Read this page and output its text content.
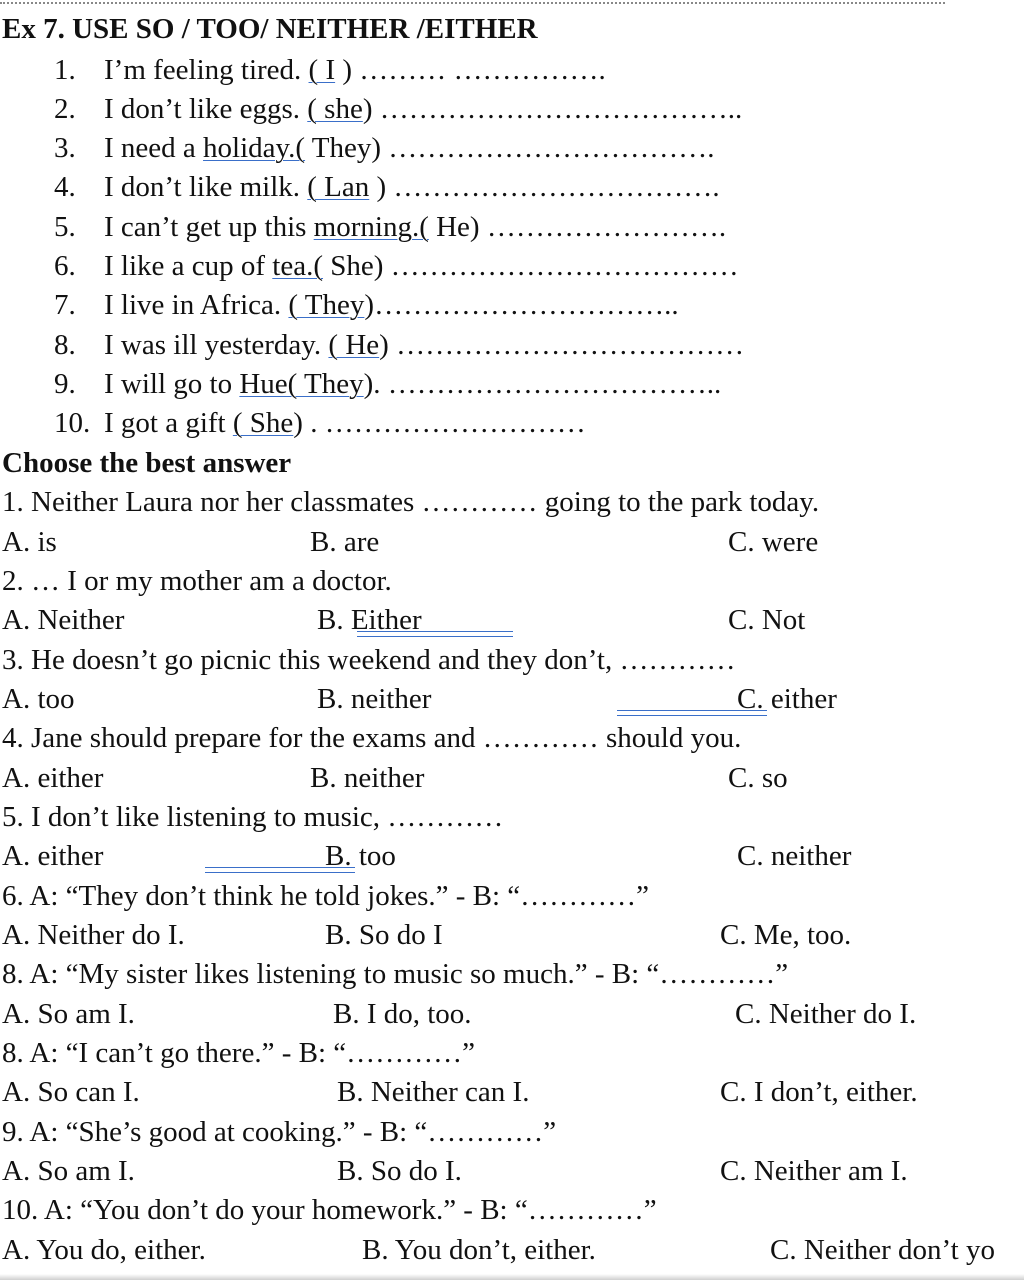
Ex 7. USE SO / TOO/ NEITHER /EITHER
1. I’m feeling tired. ( I ) ……… …………….
2. I don’t like eggs. ( she) ………………………………..
3. I need a holiday.( They) …………………………….
4. I don’t like milk. ( Lan ) …………………………….
5. I can’t get up this morning.( He) …………………….
6. I like a cup of tea.( She) ………………………………
7. I live in Africa. ( They)…………………………..
8. I was ill yesterday. ( He) ………………………………
9. I will go to Hue( They). ……………………………..
10. I got a gift ( She) . ………………………
Choose the best answer
1. Neither Laura nor her classmates ………… going to the park today.
A. is	B. are	C. were
2. … I or my mother am a doctor.
A. Neither	B. Either	C. Not
3. He doesn’t go picnic this weekend and they don’t, …………
A. too	B. neither	C. either
4. Jane should prepare for the exams and ………… should you.
A. either	B. neither	C. so
5. I don’t like listening to music, …………
A. either	B. too	C. neither
6. A: “They don’t think he told jokes.” - B: “…………”
A. Neither do I.	B. So do I	C. Me, too.
8. A: “My sister likes listening to music so much.” - B: “…………”
A. So am I.	B. I do, too.	C. Neither do I.
8. A: “I can’t go there.” - B: “…………”
A. So can I.	B. Neither can I.	C. I don’t, either.
9. A: “She’s good at cooking.” - B: “…………”
A. So am I.	B. So do I.	C. Neither am I.
10. A: “You don’t do your homework.” - B: “…………”
A. You do, either.	B. You don’t, either.	C. Neither don’t yo
